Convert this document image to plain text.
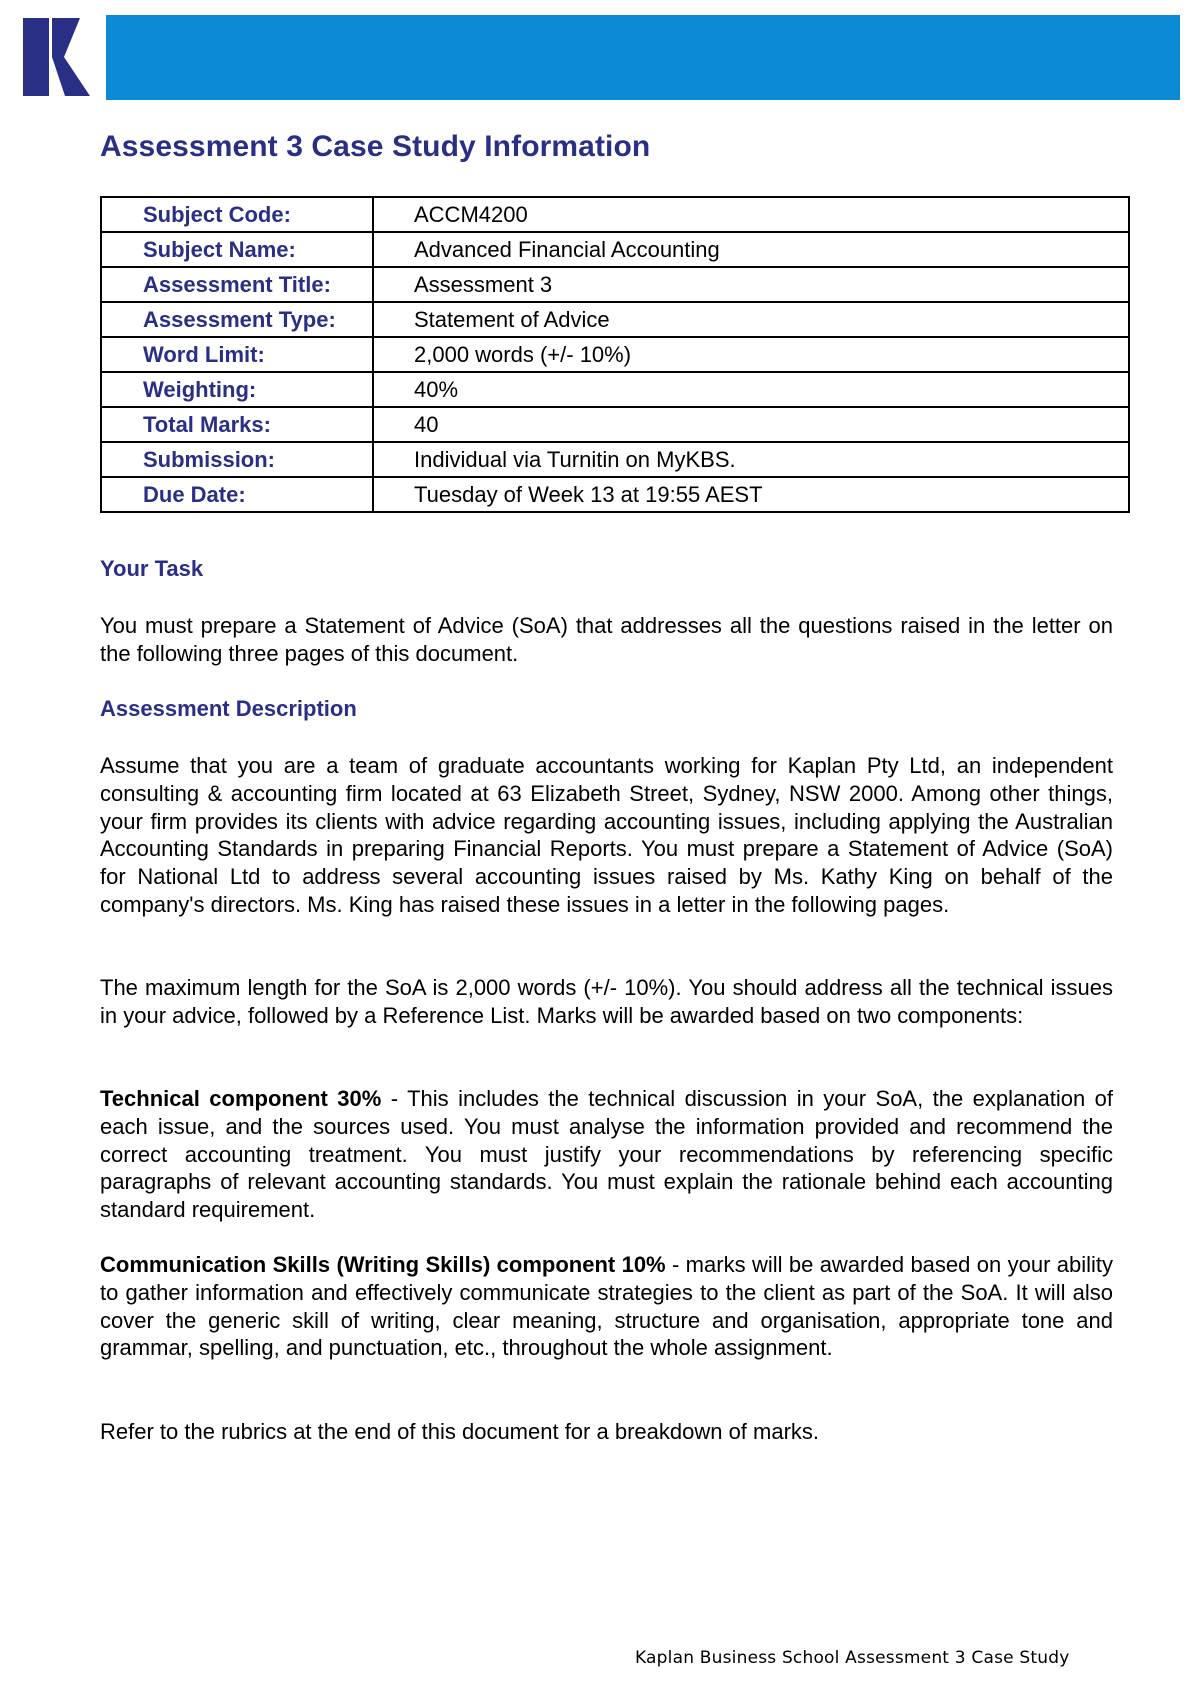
Assessment 3 Case Study Information
Subject Code:	ACCM4200
Subject Name:	Advanced Financial Accounting
Assessment Title:	Assessment 3
Assessment Type:	Statement of Advice
Word Limit:	2,000 words (+/- 10%)
Weighting:	40%
Total Marks:	40
Submission:	Individual via Turnitin on MyKBS.
Due Date:	Tuesday of Week 13 at 19:55 AEST
Your Task

You must prepare a Statement of Advice (SoA) that addresses all the questions raised in the letter on the following three pages of this document.

Assessment Description

Assume that you are a team of graduate accountants working for Kaplan Pty Ltd, an independent consulting & accounting firm located at 63 Elizabeth Street, Sydney, NSW 2000. Among other things, your firm provides its clients with advice regarding accounting issues, including applying the Australian Accounting Standards in preparing Financial Reports. You must prepare a Statement of Advice (SoA) for National Ltd to address several accounting issues raised by Ms. Kathy King on behalf of the company's directors. Ms. King has raised these issues in a letter in the following pages.

The maximum length for the SoA is 2,000 words (+/- 10%). You should address all the technical issues in your advice, followed by a Reference List. Marks will be awarded based on two components:

Technical component 30% - This includes the technical discussion in your SoA, the explanation of each issue, and the sources used. You must analyse the information provided and recommend the correct accounting treatment. You must justify your recommendations by referencing specific paragraphs of relevant accounting standards. You must explain the rationale behind each accounting standard requirement.

Communication Skills (Writing Skills) component 10% - marks will be awarded based on your ability to gather information and effectively communicate strategies to the client as part of the SoA. It will also cover the generic skill of writing, clear meaning, structure and organisation, appropriate tone and grammar, spelling, and punctuation, etc., throughout the whole assignment.

Refer to the rubrics at the end of this document for a breakdown of marks.

Kaplan Business School Assessment 3 Case Study
